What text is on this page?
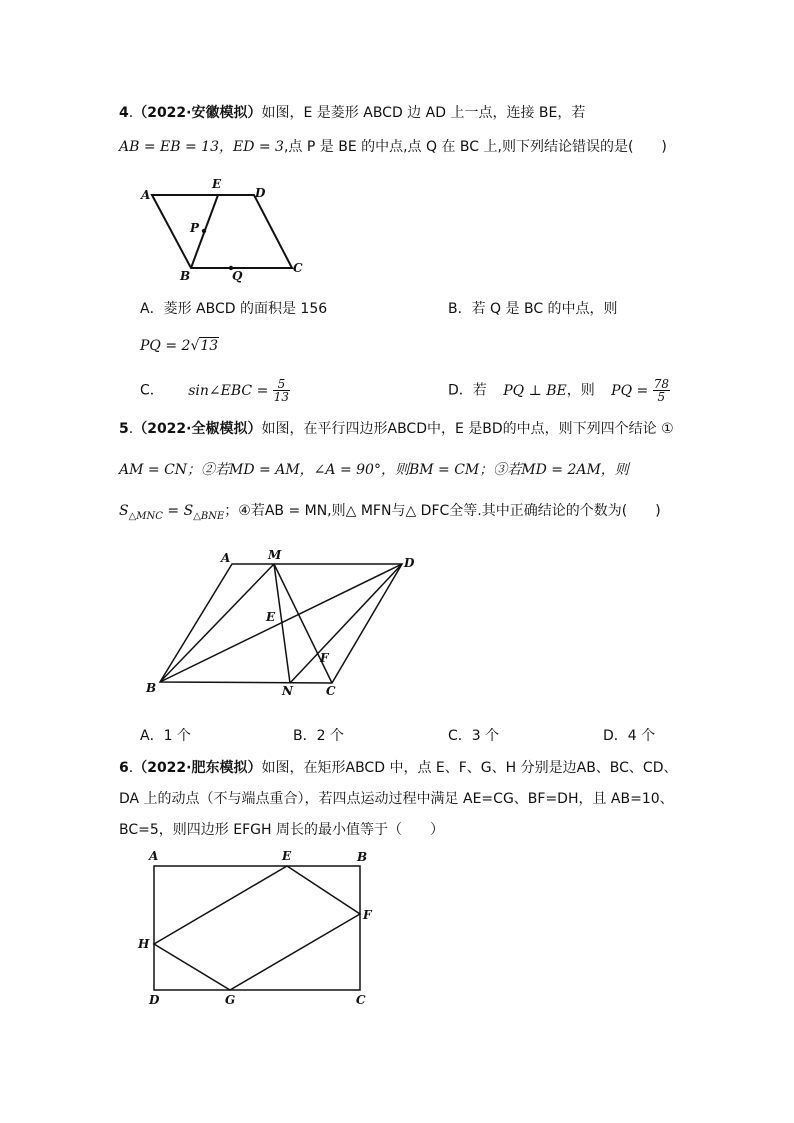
4.（2022·安徽模拟）如图，E 是菱形 ABCD 边 AD 上一点，连接 BE，若
AB = EB = 13，ED = 3,点 P 是 BE 的中点,点 Q 在 BC 上,则下列结论错误的是(　　)
A
E
D
P
B	Q
C
A．菱形 ABCD 的面积是 156	B．若 Q 是 BC 的中点，则
PQ = 2√13
C． sin∠EBC = $\frac{5}{13}$	D．若 PQ ⊥ BE，则 PQ = $\frac{78}{5}$
5.（2022·全椒模拟）如图，在平行四边形ABCD中，E 是BD的中点，则下列四个结论 ①
AM = CN；②若MD = AM，∠A = 90°，则BM = CM；③若MD = 2AM，则
$S_{\triangle MNC} = S_{\triangle BNE}$；④若AB = MN,则△ MFN与△ DFC全等.其中正确结论的个数为(　　)
A	M
D
E
F
B	N	C
A．1 个	B．2 个	C．3 个	D．4 个
6.（2022·肥东模拟）如图，在矩形ABCD 中，点 E、F、G、H 分别是边AB、BC、CD、
DA 上的动点（不与端点重合），若四点运动过程中满足 AE=CG、BF=DH，且 AB=10、
BC=5，则四边形 EFGH 周长的最小值等于（　　）
A	E	B
H
F
D	G	C
